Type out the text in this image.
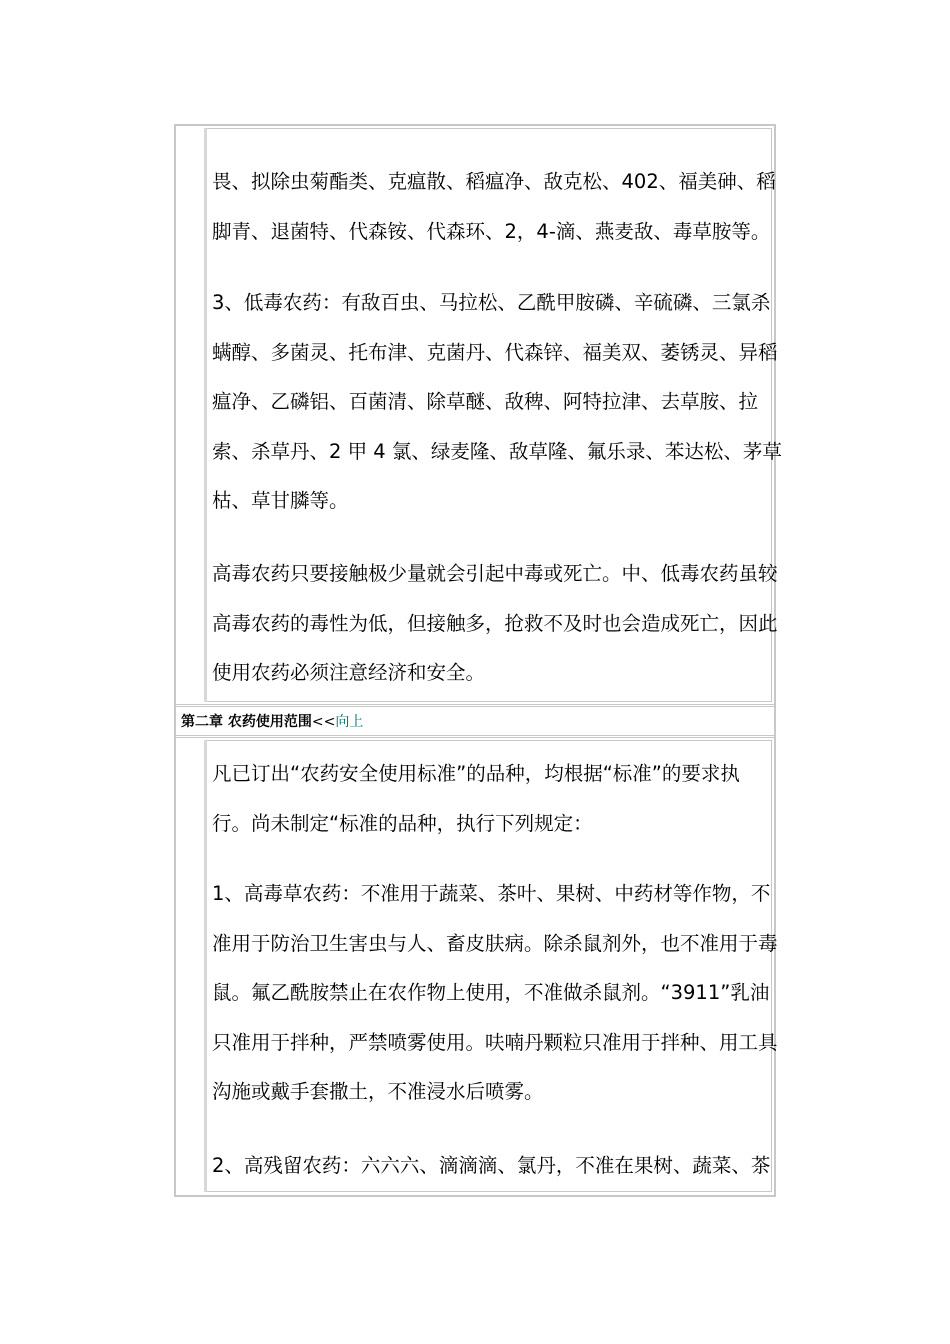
畏、拟除虫菊酯类、克瘟散、稻瘟净、敌克松、402、福美砷、稻
脚青、退菌特、代森铵、代森环、2，4-滴、燕麦敌、毒草胺等。
3、低毒农药：有敌百虫、马拉松、乙酰甲胺磷、辛硫磷、三氯杀
螨醇、多菌灵、托布津、克菌丹、代森锌、福美双、萎锈灵、异稻
瘟净、乙磷铝、百菌清、除草醚、敌稗、阿特拉津、去草胺、拉
索、杀草丹、2 甲 4 氯、绿麦隆、敌草隆、氟乐录、苯达松、茅草
枯、草甘膦等。
高毒农药只要接触极少量就会引起中毒或死亡。中、低毒农药虽较
高毒农药的毒性为低，但接触多，抢救不及时也会造成死亡，因此
使用农药必须注意经济和安全。
第二章 农药使用范围<<向上
凡已订出“农药安全使用标准”的品种，均根据“标准”的要求执
行。尚未制定“标准的品种，执行下列规定：
1、高毒草农药：不准用于蔬菜、茶叶、果树、中药材等作物，不
准用于防治卫生害虫与人、畜皮肤病。除杀鼠剂外，也不准用于毒
鼠。氟乙酰胺禁止在农作物上使用，不准做杀鼠剂。“3911”乳油
只准用于拌种，严禁喷雾使用。呋喃丹颗粒只准用于拌种、用工具
沟施或戴手套撒土，不准浸水后喷雾。
2、高残留农药：六六六、滴滴滴、氯丹，不准在果树、蔬菜、茶
